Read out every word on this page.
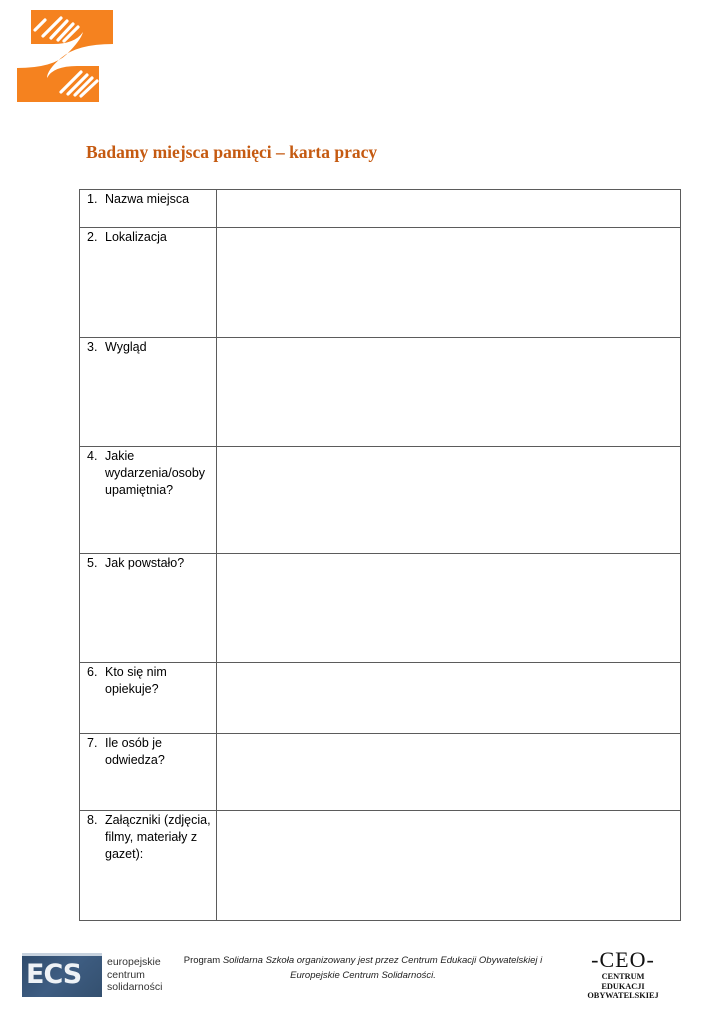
Badamy miejsca pamięci – karta pracy
1. Nazwa miejsca	

2. Lokalizacja	

3. Wygląd	

4. Jakie wydarzenia/osoby upamiętnia?	

5. Jak powstało?	

6. Kto się nim opiekuje?	

7. Ile osób je odwiedza?	

8. Załączniki (zdjęcia, filmy, materiały z gazet):	

ECS europejskie
centrum
solidarności
Program Solidarna Szkoła organizowany jest przez Centrum Edukacji Obywatelskiej i Europejskie Centrum Solidarności.
-CEO-
CENTRUM EDUKACJI
OBYWATELSKIEJ
